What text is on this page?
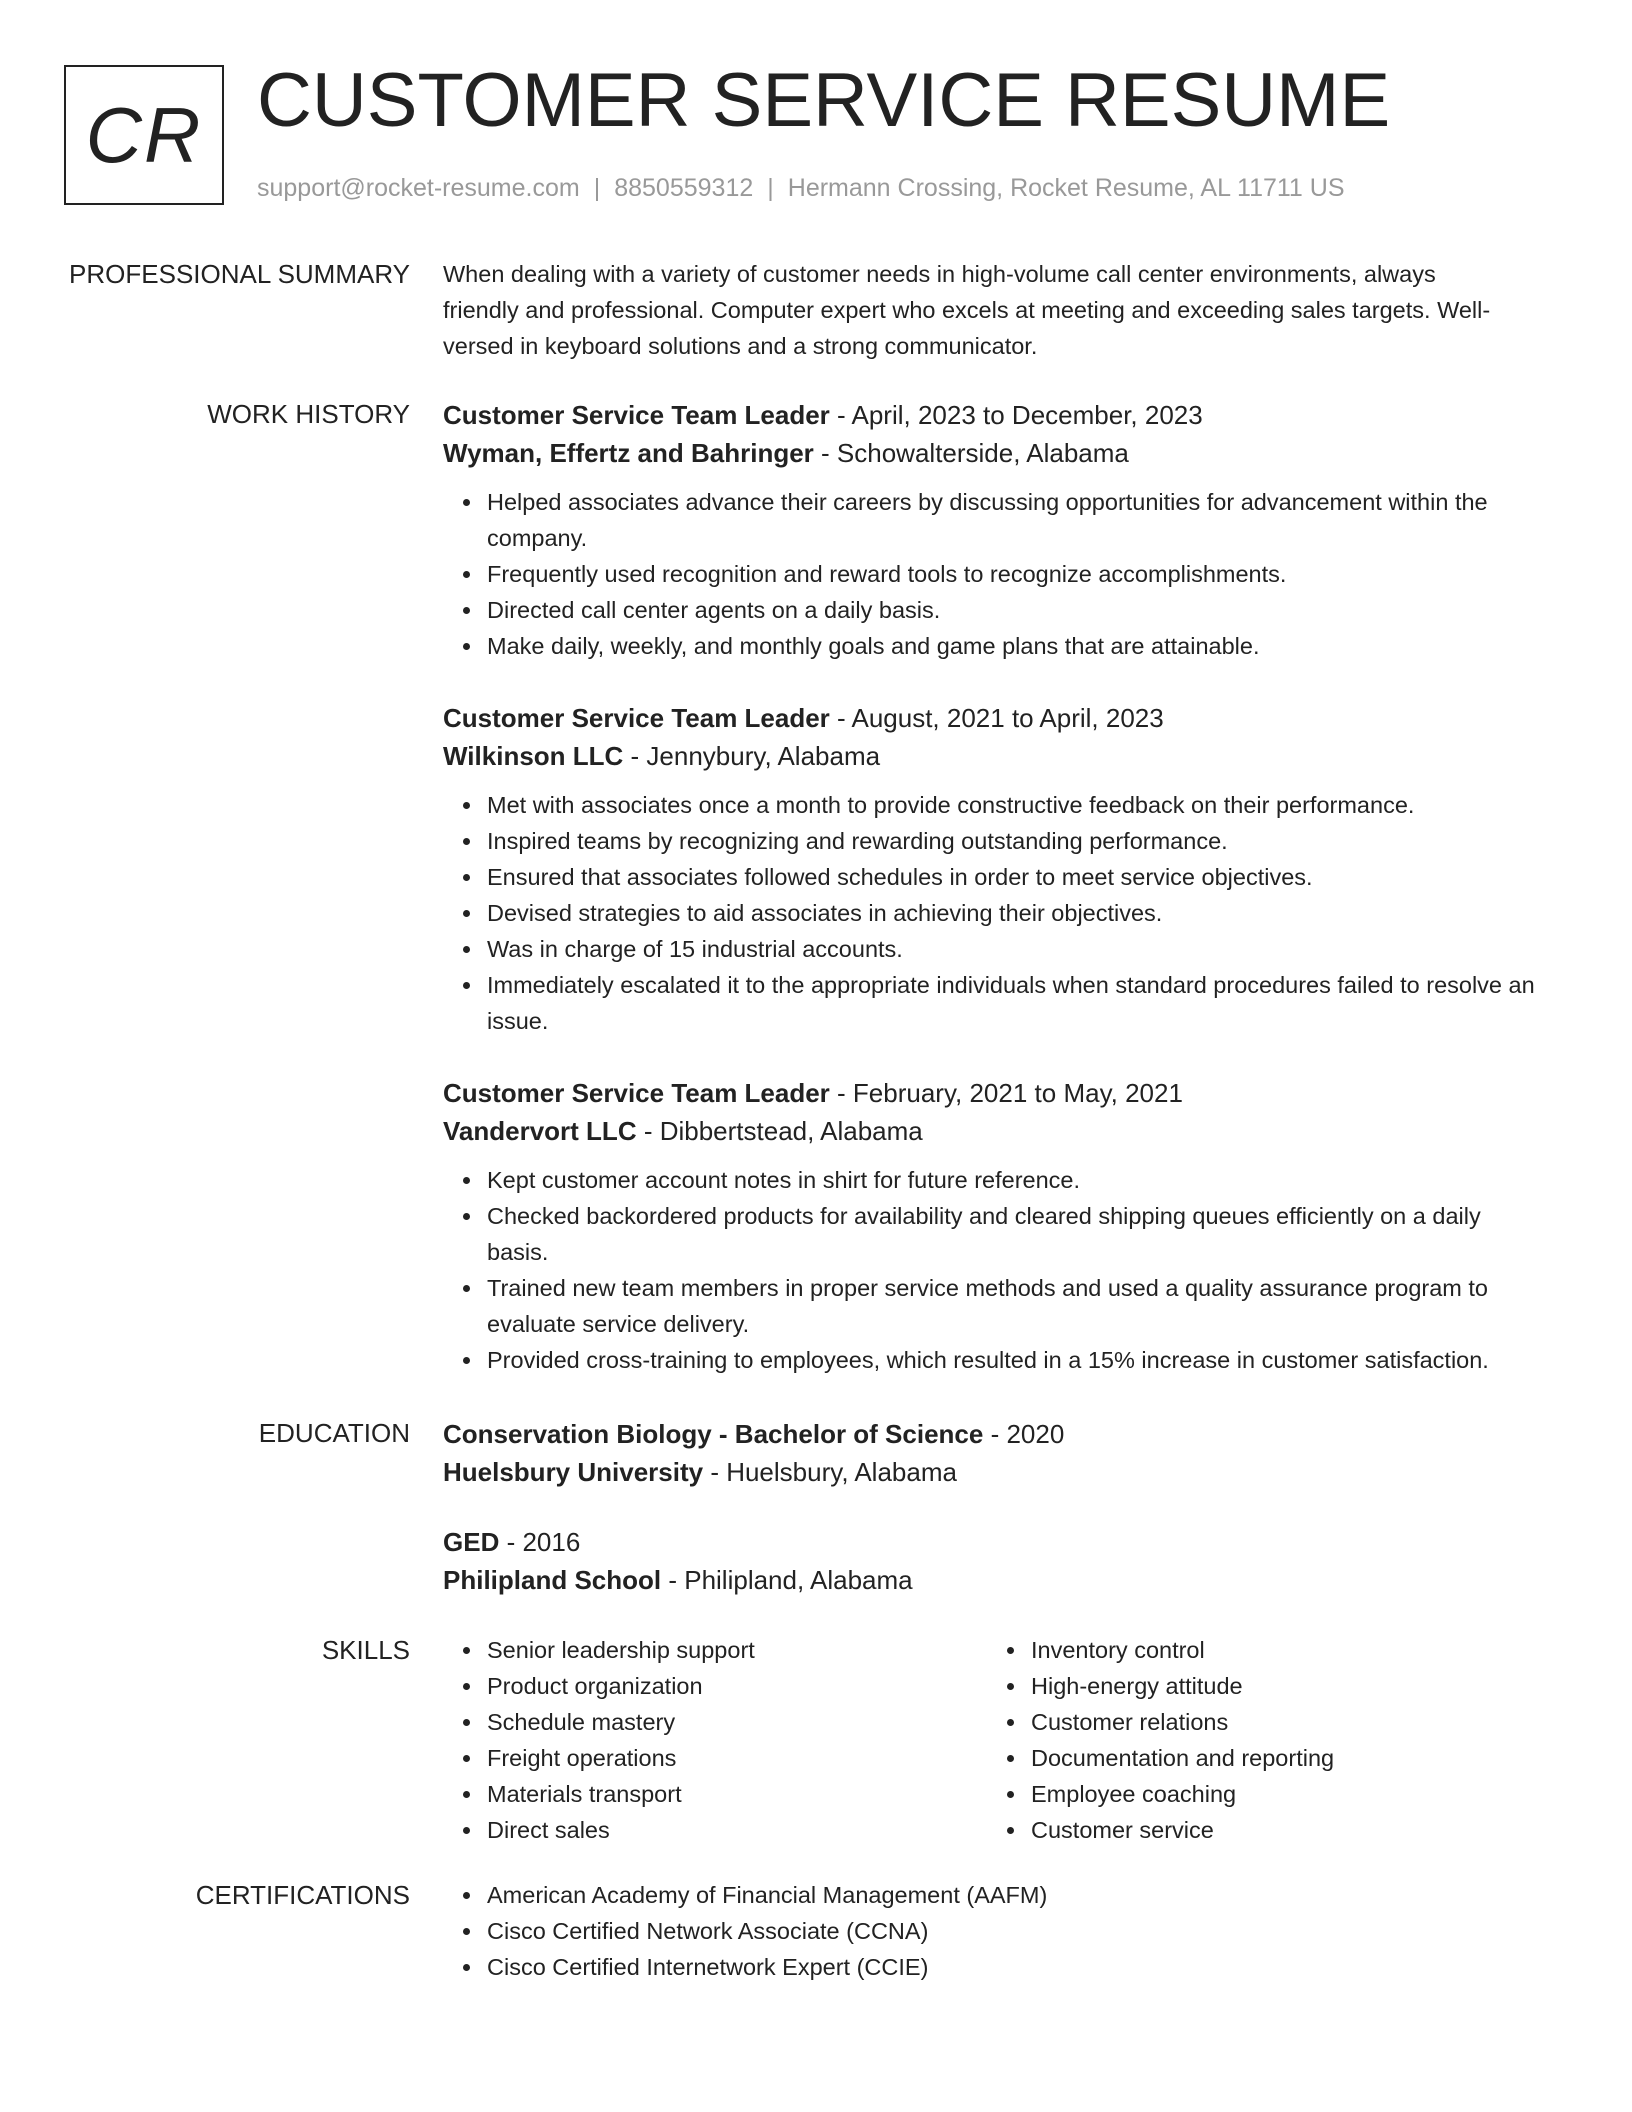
CR CUSTOMER SERVICE RESUME
support@rocket-resume.com | 8850559312 | Hermann Crossing, Rocket Resume, AL 11711 US
PROFESSIONAL SUMMARY When dealing with a variety of customer needs in high-volume call center environments, always
friendly and professional. Computer expert who excels at meeting and exceeding sales targets. Well-
versed in keyboard solutions and a strong communicator.

WORK HISTORY Customer Service Team Leader - April, 2023 to December, 2023

Wyman, Effertz and Bahringer - Schowalterside, Alabama

Helped associates advance their careers by discussing opportunities for advancement within the company.
Frequently used recognition and reward tools to recognize accomplishments.
Directed call center agents on a daily basis.
Make daily, weekly, and monthly goals and game plans that are attainable.

Customer Service Team Leader - August, 2021 to April, 2023

Wilkinson LLC - Jennybury, Alabama

Met with associates once a month to provide constructive feedback on their performance.
Inspired teams by recognizing and rewarding outstanding performance.
Ensured that associates followed schedules in order to meet service objectives.
Devised strategies to aid associates in achieving their objectives.
Was in charge of 15 industrial accounts.
Immediately escalated it to the appropriate individuals when standard procedures failed to resolve an issue.

Customer Service Team Leader - February, 2021 to May, 2021

Vandervort LLC - Dibbertstead, Alabama

Kept customer account notes in shirt for future reference.
Checked backordered products for availability and cleared shipping queues efficiently on a daily basis.
Trained new team members in proper service methods and used a quality assurance program to evaluate service delivery.
Provided cross-training to employees, which resulted in a 15% increase in customer satisfaction.
EDUCATION Conservation Biology - Bachelor of Science - 2020

Huelsbury University - Huelsbury, Alabama

GED - 2016

Philipland School - Philipland, Alabama

SKILLS	Senior leadership support
Product organization
Schedule mastery
Freight operations
Materials transport
Direct sales
Inventory control
High-energy attitude
Customer relations
Documentation and reporting
Employee coaching
Customer service
CERTIFICATIONS	American Academy of Financial Management (AAFM)
Cisco Certified Network Associate (CCNA)
Cisco Certified Internetwork Expert (CCIE)
